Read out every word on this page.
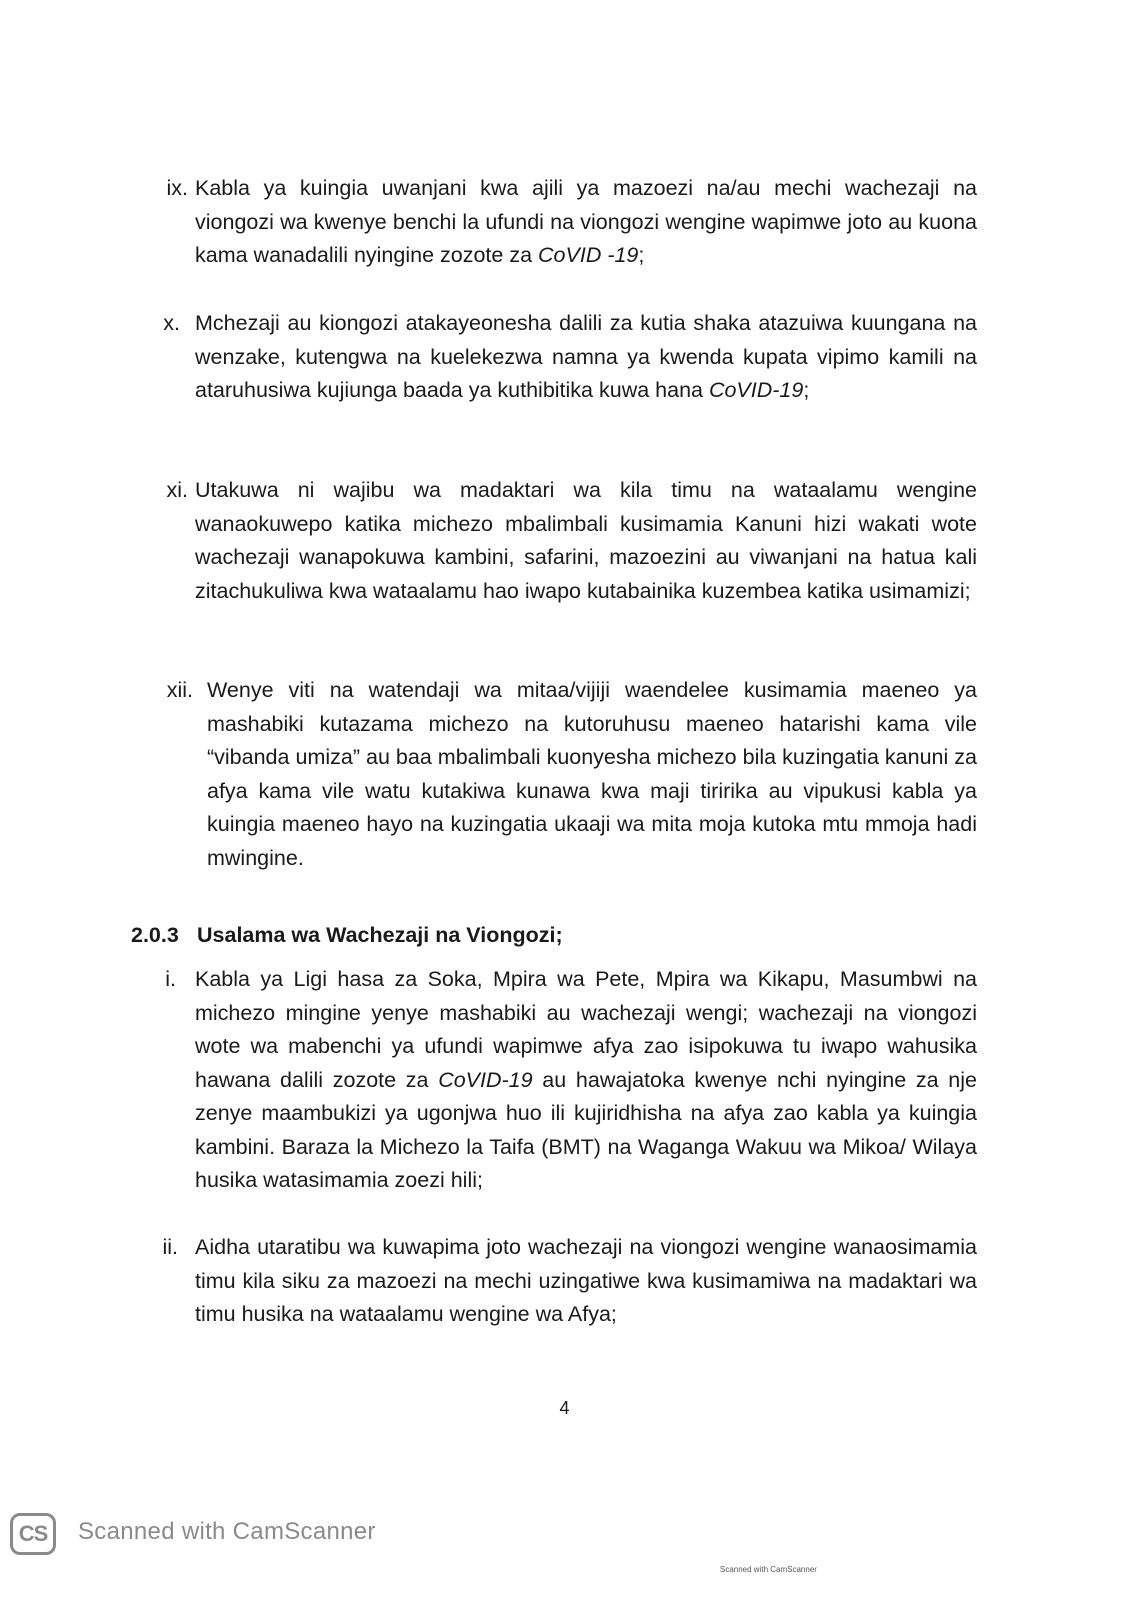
ix. Kabla ya kuingia uwanjani kwa ajili ya mazoezi na/au mechi wachezaji na viongozi wa kwenye benchi la ufundi na viongozi wengine wapimwe joto au kuona kama wanadalili nyingine zozote za CoVID -19;
x. Mchezaji au kiongozi atakayeonesha dalili za kutia shaka atazuiwa kuungana na wenzake, kutengwa na kuelekezwa namna ya kwenda kupata vipimo kamili na ataruhusiwa kujiunga baada ya kuthibitika kuwa hana CoVID-19;
xi. Utakuwa ni wajibu wa madaktari wa kila timu na wataalamu wengine wanaokuwepo katika michezo mbalimbali kusimamia Kanuni hizi wakati wote wachezaji wanapokuwa kambini, safarini, mazoezini au viwanjani na hatua kali zitachukuliwa kwa wataalamu hao iwapo kutabainika kuzembea katika usimamizi;
xii. Wenye viti na watendaji wa mitaa/vijiji waendelee kusimamia maeneo ya mashabiki kutazama michezo na kutoruhusu maeneo hatarishi kama vile “vibanda umiza” au baa mbalimbali kuonyesha michezo bila kuzingatia kanuni za afya kama vile watu kutakiwa kunawa kwa maji tiririka au vipukusi kabla ya kuingia maeneo hayo na kuzingatia ukaaji wa mita moja kutoka mtu mmoja hadi mwingine.
2.0.3 Usalama wa Wachezaji na Viongozi;
i. Kabla ya Ligi hasa za Soka, Mpira wa Pete, Mpira wa Kikapu, Masumbwi na michezo mingine yenye mashabiki au wachezaji wengi; wachezaji na viongozi wote wa mabenchi ya ufundi wapimwe afya zao isipokuwa tu iwapo wahusika hawana dalili zozote za CoVID-19 au hawajatoka kwenye nchi nyingine za nje zenye maambukizi ya ugonjwa huo ili kujiridhisha na afya zao kabla ya kuingia kambini. Baraza la Michezo la Taifa (BMT) na Waganga Wakuu wa Mikoa/ Wilaya husika watasimamia zoezi hili;
ii. Aidha utaratibu wa kuwapima joto wachezaji na viongozi wengine wanaosimamia timu kila siku za mazoezi na mechi uzingatiwe kwa kusimamiwa na madaktari wa timu husika na wataalamu wengine wa Afya;
4
CS	Scanned with CamScanner
Scanned with CamScanner
